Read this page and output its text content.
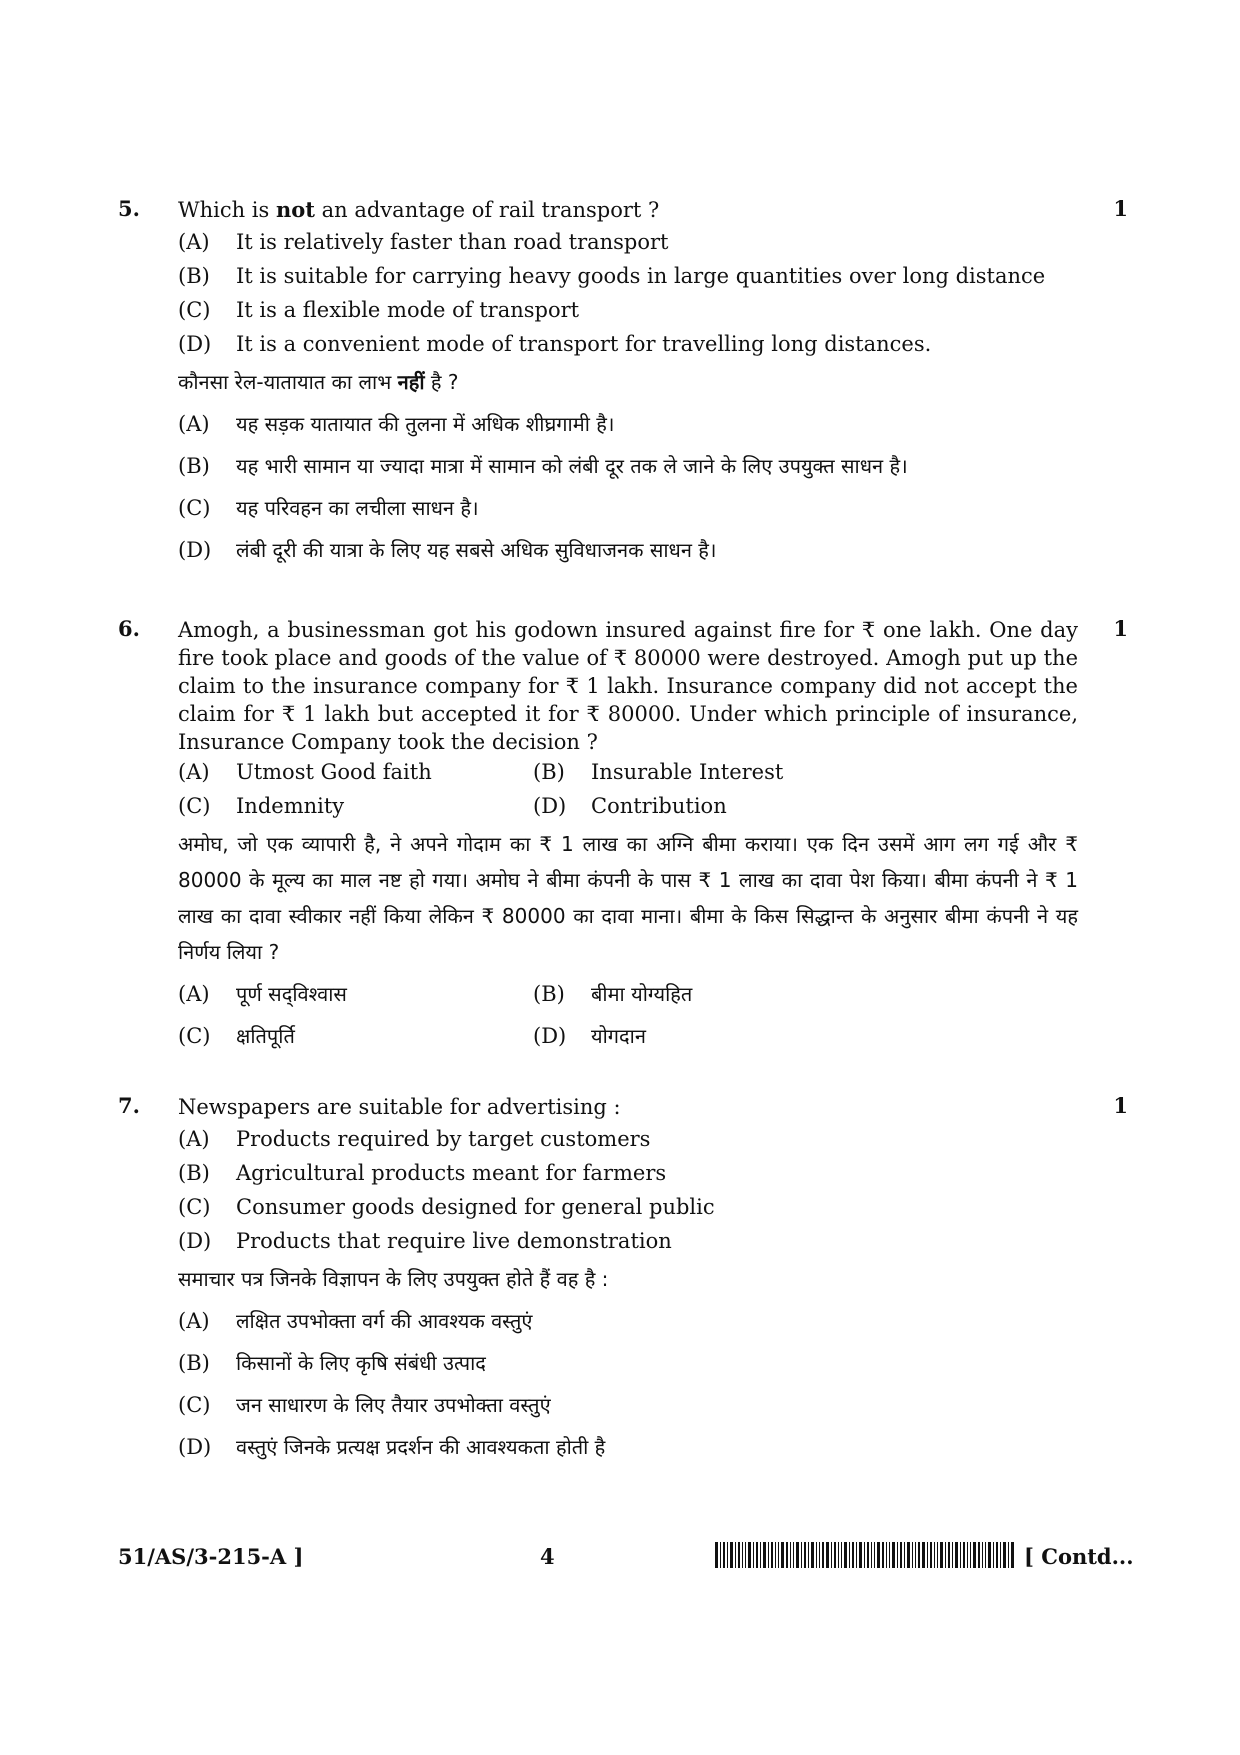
5.	1
Which is not an advantage of rail transport ?
(A) It is relatively faster than road transport
(B) It is suitable for carrying heavy goods in large quantities over long distance
(C) It is a flexible mode of transport
(D) It is a convenient mode of transport for travelling long distances.
कौनसा रेल-यातायात का लाभ नहीं है ?
(A) यह सड़क यातायात की तुलना में अधिक शीघ्रगामी है।
(B) यह भारी सामान या ज्यादा मात्रा में सामान को लंबी दूर तक ले जाने के लिए उपयुक्त साधन है।
(C) यह परिवहन का लचीला साधन है।
(D) लंबी दूरी की यात्रा के लिए यह सबसे अधिक सुविधाजनक साधन है।
6.	1
Amogh, a businessman got his godown insured against fire for ₹ one lakh. One day fire took place and goods of the value of ₹ 80000 were destroyed. Amogh put up the claim to the insurance company for ₹ 1 lakh. Insurance company did not accept the claim for ₹ 1 lakh but accepted it for ₹ 80000. Under which principle of insurance, Insurance Company took the decision ?
(A) Utmost Good faith	(B) Insurable Interest
(C) Indemnity	(D) Contribution
अमोघ, जो एक व्यापारी है, ने अपने गोदाम का ₹ 1 लाख का अग्नि बीमा कराया। एक दिन उसमें आग लग गई और ₹ 80000 के मूल्य का माल नष्ट हो गया। अमोघ ने बीमा कंपनी के पास ₹ 1 लाख का दावा पेश किया। बीमा कंपनी ने ₹ 1 लाख का दावा स्वीकार नहीं किया लेकिन ₹ 80000 का दावा माना। बीमा के किस सिद्धान्त के अनुसार बीमा कंपनी ने यह निर्णय लिया ?
(A) पूर्ण सद्‌विश्वास	(B) बीमा योग्यहित
(C) क्षतिपूर्ति	(D) योगदान
7.	1
Newspapers are suitable for advertising :
(A) Products required by target customers
(B) Agricultural products meant for farmers
(C) Consumer goods designed for general public
(D) Products that require live demonstration
समाचार पत्र जिनके विज्ञापन के लिए उपयुक्त होते हैं वह है :
(A) लक्षित उपभोक्ता वर्ग की आवश्यक वस्तुएं
(B) किसानों के लिए कृषि संबंधी उत्पाद
(C) जन साधारण के लिए तैयार उपभोक्ता वस्तुएं
(D) वस्तुएं जिनके प्रत्यक्ष प्रदर्शन की आवश्यकता होती है
51/AS/3-215-A ]	4	[ Contd...
